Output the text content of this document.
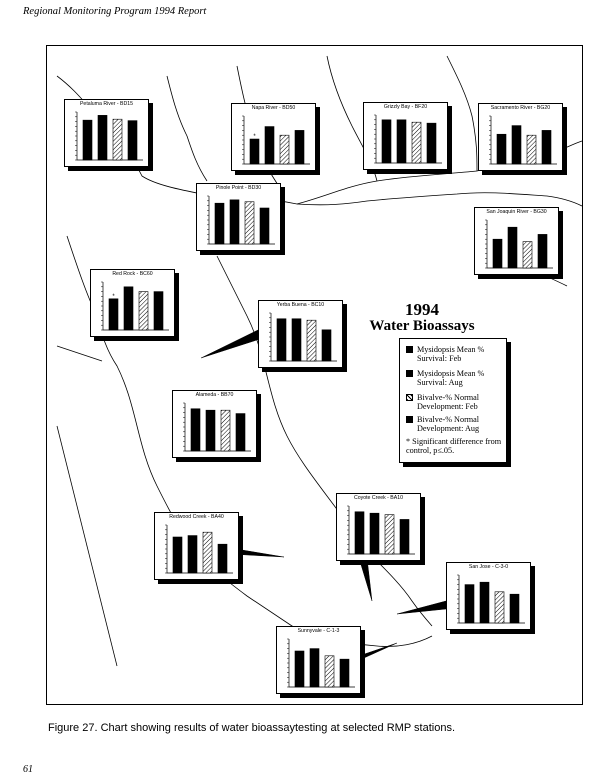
Regional Monitoring Program 1994 Report
Petaluma River - BD15
Napa River - BD50
*
Grizzly Bay - BF20	Sacramento River - BG20
Pinole Point - BD30
San Joaquin River - BG30
Red Rock - BC60
*
Yerba Buena - BC10
Alameda - BB70
Coyote Creek - BA10
Redwood Creek - BA40
San Jose - C-3-0
Sunnyvale - C-1-3
1994
Water Bioassays
Mysidopsis Mean % Survival: Feb
Mysidopsis Mean % Survival: Aug
Bivalve-% Normal Development: Feb
Bivalve-% Normal Development: Aug
* Significant difference from control, p≤.05.
Figure 27. Chart showing results of water bioassaytesting at selected RMP stations.
61
